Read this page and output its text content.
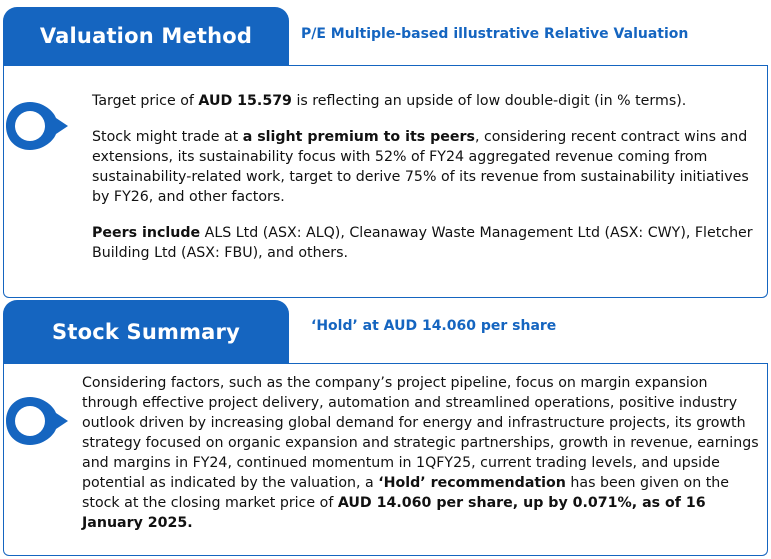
Valuation Method	P/E Multiple-based illustrative Relative Valuation

Target price of AUD 15.579 is reflecting an upside of low double-digit (in % terms).

Stock might trade at a slight premium to its peers, considering recent contract wins and extensions, its sustainability focus with 52% of FY24 aggregated revenue coming from sustainability-related work, target to derive 75% of its revenue from sustainability initiatives by FY26, and other factors.

Peers include ALS Ltd (ASX: ALQ), Cleanaway Waste Management Ltd (ASX: CWY), Fletcher Building Ltd (ASX: FBU), and others.

Stock Summary	‘Hold’ at AUD 14.060 per share

Considering factors, such as the company’s project pipeline, focus on margin expansion through effective project delivery, automation and streamlined operations, positive industry outlook driven by increasing global demand for energy and infrastructure projects, its growth strategy focused on organic expansion and strategic partnerships, growth in revenue, earnings and margins in FY24, continued momentum in 1QFY25, current trading levels, and upside potential as indicated by the valuation, a ‘Hold’ recommendation has been given on the stock at the closing market price of AUD 14.060 per share, up by 0.071%, as of 16 January 2025.
